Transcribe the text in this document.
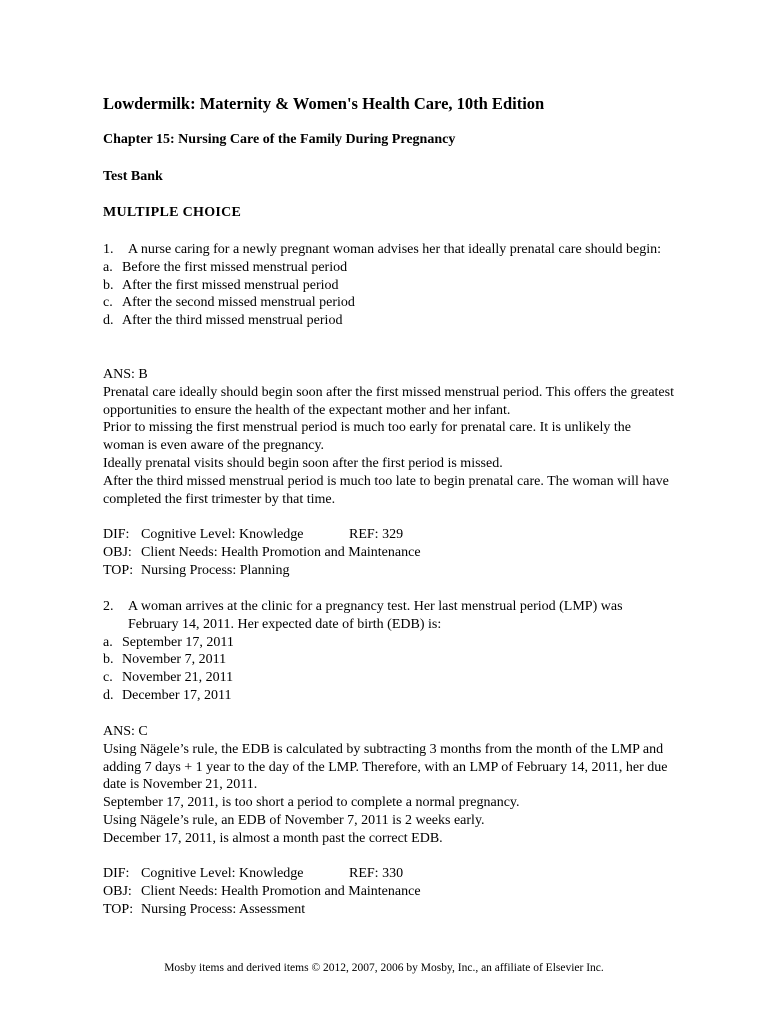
Lowdermilk: Maternity & Women's Health Care, 10th Edition
Chapter 15: Nursing Care of the Family During Pregnancy
Test Bank
MULTIPLE CHOICE
1. A nurse caring for a newly pregnant woman advises her that ideally prenatal care should begin:
a. Before the first missed menstrual period
b. After the first missed menstrual period
c. After the second missed menstrual period
d. After the third missed menstrual period

ANS: B

Prenatal care ideally should begin soon after the first missed menstrual period. This offers the greatest opportunities to ensure the health of the expectant mother and her infant.

Prior to missing the first menstrual period is much too early for prenatal care. It is unlikely the woman is even aware of the pregnancy.

Ideally prenatal visits should begin soon after the first period is missed.

After the third missed menstrual period is much too late to begin prenatal care. The woman will have completed the first trimester by that time.

DIF: Cognitive Level: Knowledge	REF: 329
OBJ: Client Needs: Health Promotion and Maintenance
TOP: Nursing Process: Planning
2. A woman arrives at the clinic for a pregnancy test. Her last menstrual period (LMP) was February 14, 2011. Her expected date of birth (EDB) is:
a. September 17, 2011
b. November 7, 2011
c. November 21, 2011
d. December 17, 2011

ANS: C

Using Nägele’s rule, the EDB is calculated by subtracting 3 months from the month of the LMP and adding 7 days + 1 year to the day of the LMP. Therefore, with an LMP of February 14, 2011, her due date is November 21, 2011.

September 17, 2011, is too short a period to complete a normal pregnancy.

Using Nägele’s rule, an EDB of November 7, 2011 is 2 weeks early.

December 17, 2011, is almost a month past the correct EDB.

DIF: Cognitive Level: Knowledge	REF: 330
OBJ: Client Needs: Health Promotion and Maintenance
TOP: Nursing Process: Assessment
Mosby items and derived items © 2012, 2007, 2006 by Mosby, Inc., an affiliate of Elsevier Inc.
